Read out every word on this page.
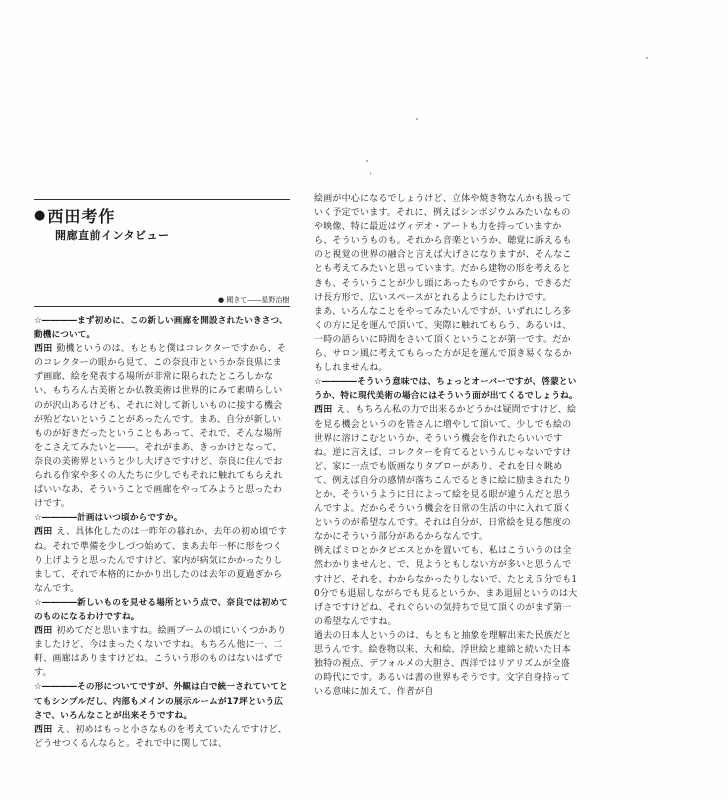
● 西田考作
開廊直前インタビュー
● 聞きて――星野治樹

☆――――まず初めに、この新しい画廊を開設されたいきさつ、動機について。

西田 動機というのは、もともと僕はコレクターですから、そのコレクターの眼から見て、この奈良市というか奈良県にまず画廊、絵を発表する場所が非常に限られたところしかない、もちろん古美術とか仏教美術は世界的にみて素晴らしいのが沢山あるけども、それに対して新しいものに接する機会が殆どないということがあったんです。まあ、自分が新しいものが好きだったということもあって、それで、そんな場所をこさえてみたいと――。それがまあ、きっかけとなって、奈良の美術界というと少し大げさですけど、奈良に住んでおられる作家や多くの人たちに少しでもそれに触れてもらえればいいなあ、そういうことで画廊をやってみようと思ったわけです。

☆――――計画はいつ頃からですか。

西田 え、具体化したのは一昨年の暮れか、去年の初め頃ですね。それで準備を少しづつ始めて、まあ去年一杯に形をつくり上げようと思ったんですけど、家内が病気にかかったりしまして、それで本格的にかかり出したのは去年の夏過ぎからなんです。

☆――――新しいものを見せる場所という点で、奈良では初めてのものになるわけですね。

西田 初めてだと思いますね。絵画ブームの頃にいくつかありましたけど、今はまったくないですね。もちろん他に一、二軒、画廊はありますけどね。こういう形のものはないはずです。

☆――――その形についてですが、外観は白で統一されていてとてもシンプルだし、内部もメインの展示ルームが17坪という広さで、いろんなことが出来そうですね。

西田 え、初めはもっと小さなものを考えていたんですけど、どうせつくるんならと。それで中に関しては、

絵画が中心になるでしょうけど、立体や焼き物なんかも扱っていく予定でいます。それに、例えばシンポジウムみたいなものや映像、特に最近はヴィデオ・アートも力を持っていますから、そういうものも。それから音楽というか、聴覚に訴えるものと視覚の世界の融合と言えば大げさになりますが、そんなことも考えてみたいと思っています。だから建物の形を考えるときも、そういうことが少し頭にあったものですから、できるだけ長方形で、広いスペースがとれるようにしたわけです。

まあ、いろんなことをやってみたいんですが、いずれにしろ多くの方に足を運んで頂いて、実際に触れてもらう、あるいは、一時の語らいに時間をさいて頂くということが第一です。だから、サロン風に考えてもらった方が足を運んで頂き易くなるかもしれませんね。

☆――――そういう意味では、ちょっとオーバーですが、啓蒙というか、特に現代美術の場合にはそういう面が出てくるでしょうね。

西田 え、もちろん私の力で出来るかどうかは疑問ですけど、絵を見る機会というのを皆さんに増やして頂いて、少しでも絵の世界に溶けこむというか、そういう機会を作れたらいいですね。逆に言えば、コレクターを育てるというんじゃないですけど、家に一点でも版画なりタブローがあり、それを日々眺めて、例えば自分の感情が落ちこんでるときに絵に励まされたりとか、そういうように日によって絵を見る眼が違うんだと思うんですよ。だからそういう機会を日常の生活の中に入れて頂くというのが希望なんです。それは自分が、日常絵を見る態度のなかにそういう部分があるからなんです。

例えばミロとかタピエスとかを置いても、私はこういうのは全然わかりませんと、で、見ようともしない方が多いと思うんですけど、それを、わからなかったりしないで、たとえ５分でも10分でも退屈しながらでも見るというか、まあ退屈というのは大げさですけどね、それぐらいの気持ちで見て頂くのがまず第一の希望なんですね。

過去の日本人というのは、もともと抽象を理解出来た民族だと思うんです。絵巻物以来、大和絵、浮世絵と連綿と続いた日本独特の視点、デフォルメの大胆さ、西洋ではリアリズムが全盛の時代にです。あるいは書の世界もそうです。文字自身持っている意味に加えて、作者が自
